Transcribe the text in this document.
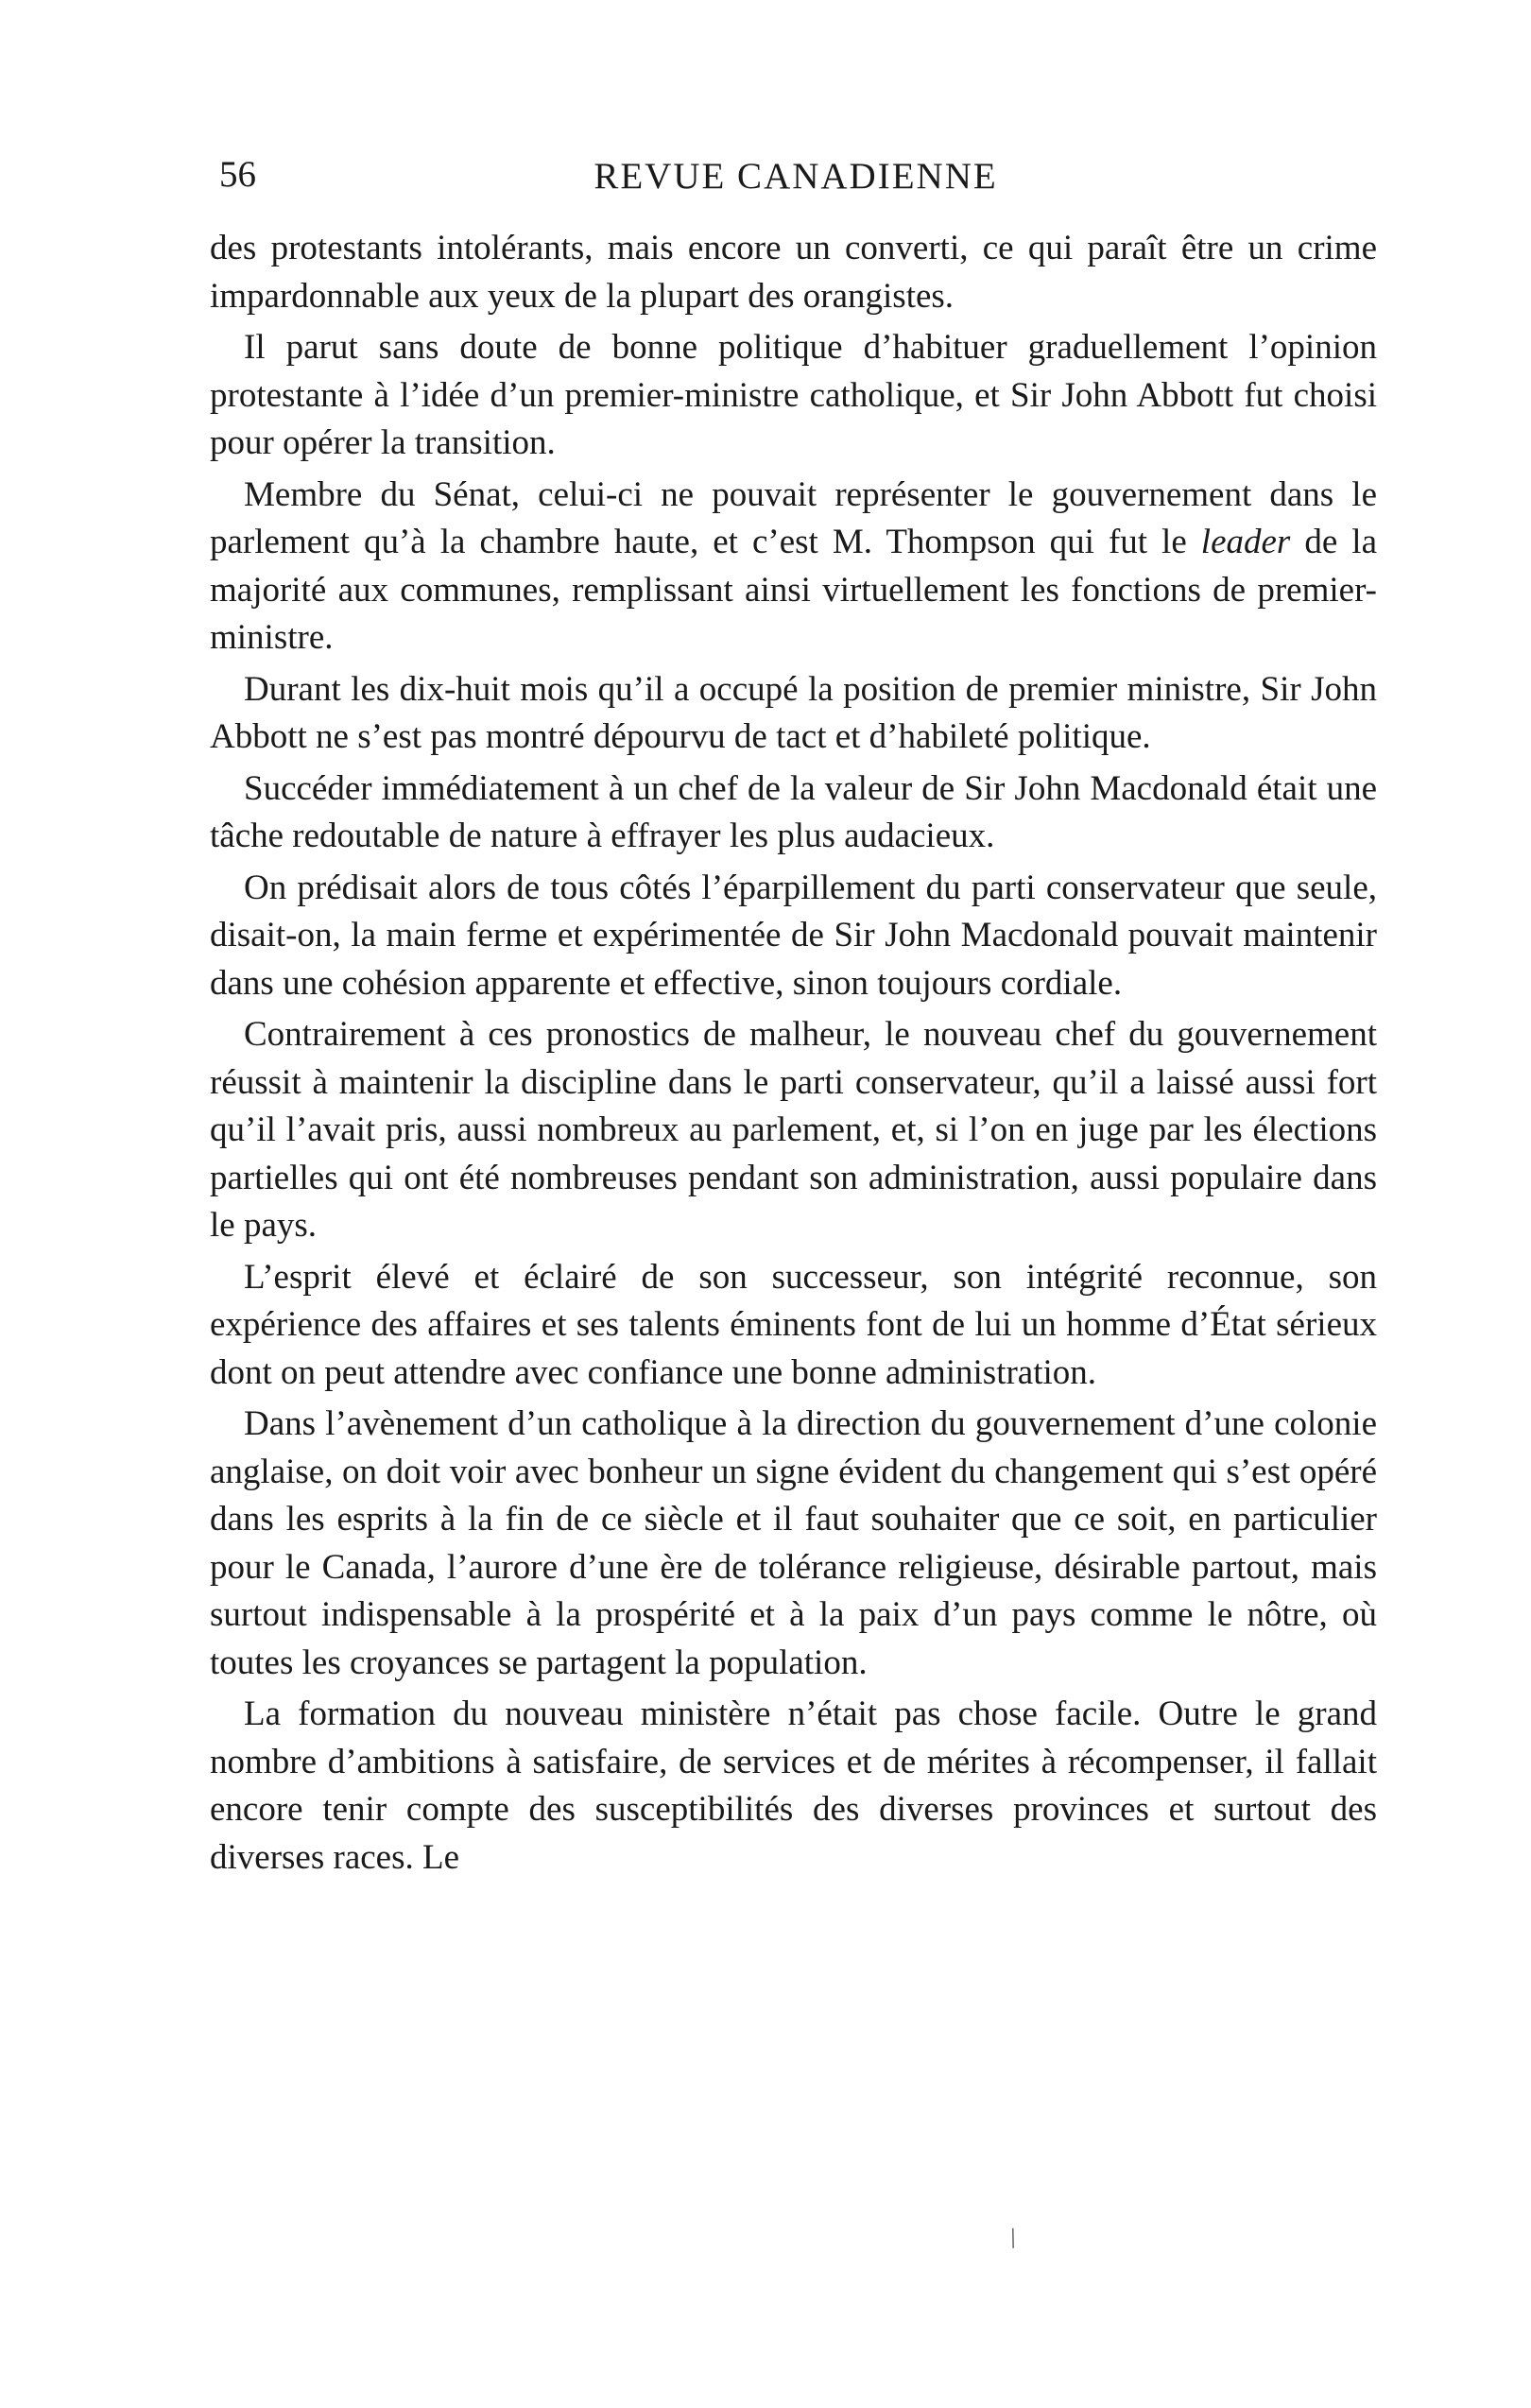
56	REVUE CANADIENNE

des protestants intolérants, mais encore un converti, ce qui paraît être un crime impardonnable aux yeux de la plupart des orangistes.

Il parut sans doute de bonne politique d’habituer graduellement l’opinion protestante à l’idée d’un premier-ministre catholique, et Sir John Abbott fut choisi pour opérer la transition.

Membre du Sénat, celui-ci ne pouvait représenter le gouvernement dans le parlement qu’à la chambre haute, et c’est M. Thompson qui fut le leader de la majorité aux communes, remplissant ainsi virtuellement les fonctions de premier-ministre.

Durant les dix-huit mois qu’il a occupé la position de premier ministre, Sir John Abbott ne s’est pas montré dépourvu de tact et d’habileté politique.

Succéder immédiatement à un chef de la valeur de Sir John Macdonald était une tâche redoutable de nature à effrayer les plus audacieux.

On prédisait alors de tous côtés l’éparpillement du parti conservateur que seule, disait-on, la main ferme et expérimentée de Sir John Macdonald pouvait maintenir dans une cohésion apparente et effective, sinon toujours cordiale.

Contrairement à ces pronostics de malheur, le nouveau chef du gouvernement réussit à maintenir la discipline dans le parti conservateur, qu’il a laissé aussi fort qu’il l’avait pris, aussi nombreux au parlement, et, si l’on en juge par les élections partielles qui ont été nombreuses pendant son administration, aussi populaire dans le pays.

L’esprit élevé et éclairé de son successeur, son intégrité reconnue, son expérience des affaires et ses talents éminents font de lui un homme d’État sérieux dont on peut attendre avec confiance une bonne administration.

Dans l’avènement d’un catholique à la direction du gouvernement d’une colonie anglaise, on doit voir avec bonheur un signe évident du changement qui s’est opéré dans les esprits à la fin de ce siècle et il faut souhaiter que ce soit, en particulier pour le Canada, l’aurore d’une ère de tolérance religieuse, désirable partout, mais surtout indispensable à la prospérité et à la paix d’un pays comme le nôtre, où toutes les croyances se partagent la population.

La formation du nouveau ministère n’était pas chose facile. Outre le grand nombre d’ambitions à satisfaire, de services et de mérites à récompenser, il fallait encore tenir compte des susceptibilités des diverses provinces et surtout des diverses races. Le

/
